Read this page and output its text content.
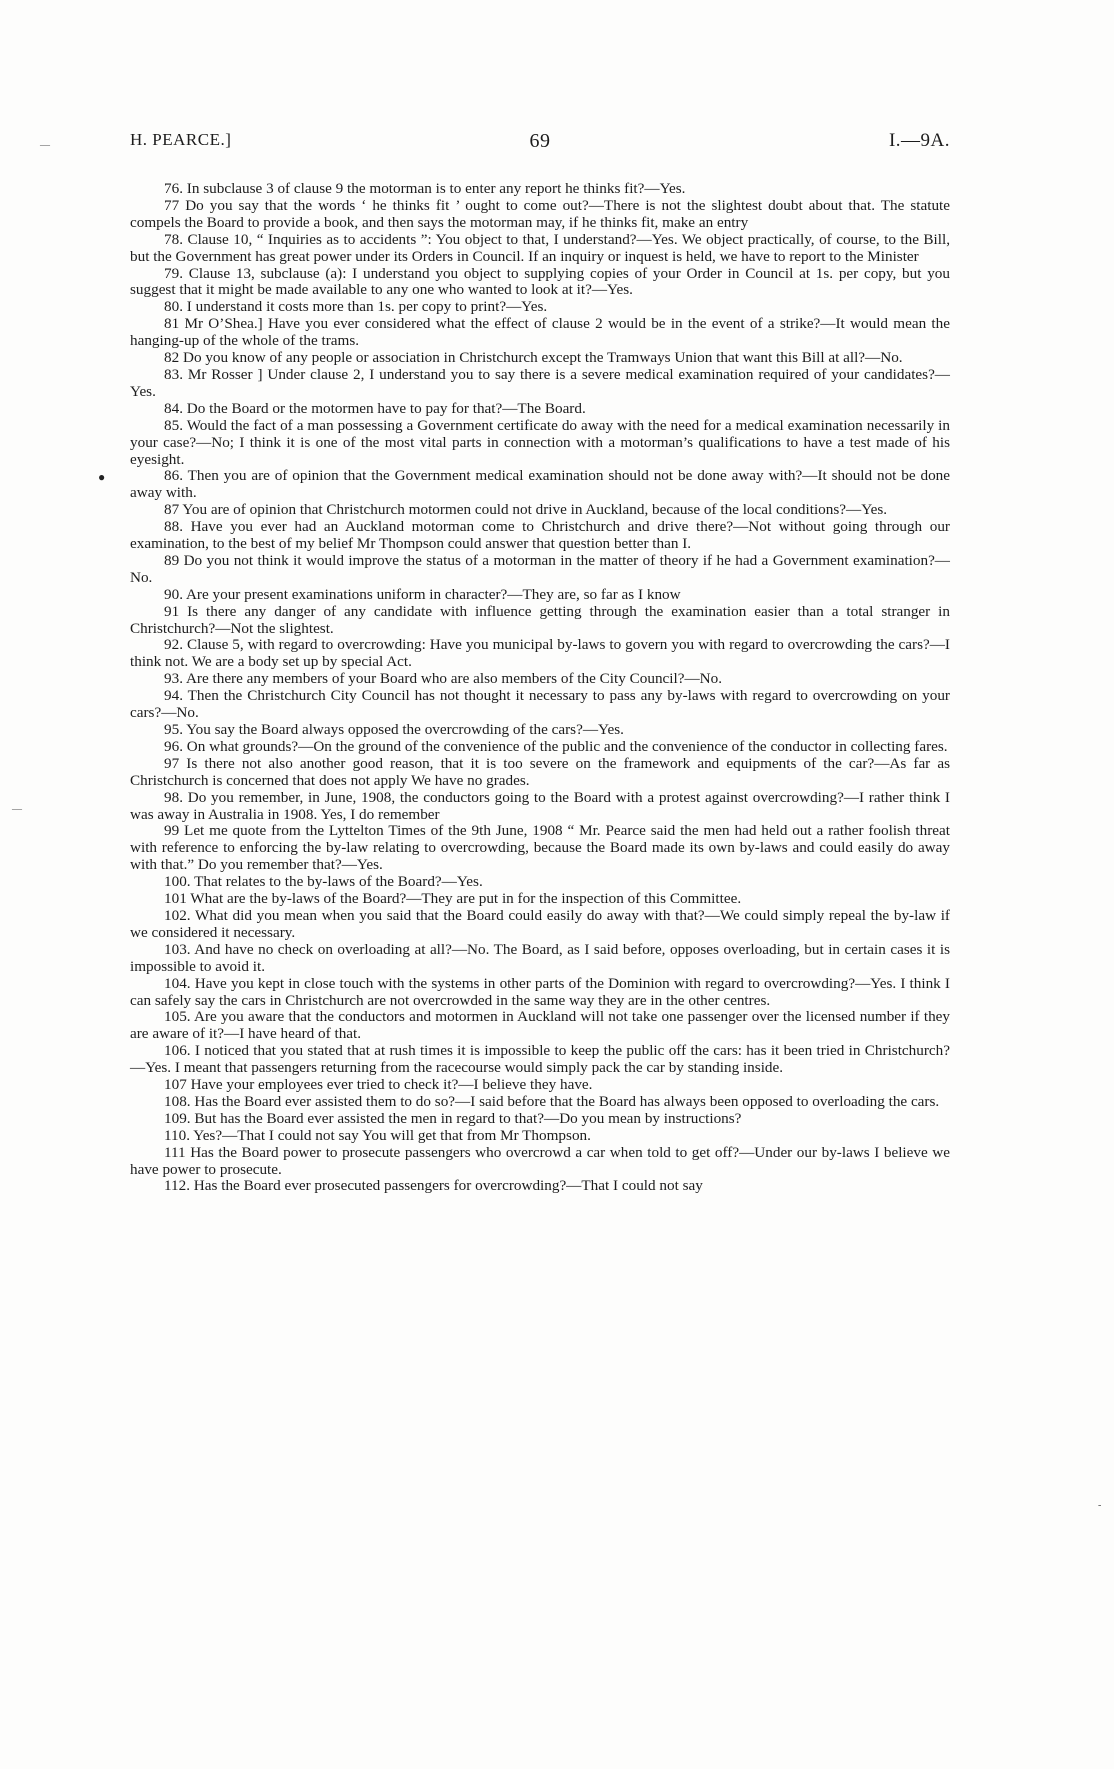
H. PEARCE.]	69	I.—9A.
—
●
—
-

76. In subclause 3 of clause 9 the motorman is to enter any report he thinks fit?—Yes.

77 Do you say that the words ‘ he thinks fit ’ ought to come out?—There is not the slightest doubt about that. The statute compels the Board to provide a book, and then says the motorman may, if he thinks fit, make an entry

78. Clause 10, “ Inquiries as to accidents ”: You object to that, I understand?—Yes. We object practically, of course, to the Bill, but the Government has great power under its Orders in Council. If an inquiry or inquest is held, we have to report to the Minister

79. Clause 13, subclause (a): I understand you object to supplying copies of your Order in Council at 1s. per copy, but you suggest that it might be made available to any one who wanted to look at it?—Yes.

80. I understand it costs more than 1s. per copy to print?—Yes.

81 Mr O’Shea.] Have you ever considered what the effect of clause 2 would be in the event of a strike?—It would mean the hanging-up of the whole of the trams.

82 Do you know of any people or association in Christchurch except the Tramways Union that want this Bill at all?—No.

83. Mr Rosser ] Under clause 2, I understand you to say there is a severe medical examination required of your candidates?—Yes.

84. Do the Board or the motormen have to pay for that?—The Board.

85. Would the fact of a man possessing a Government certificate do away with the need for a medical examination necessarily in your case?—No; I think it is one of the most vital parts in connection with a motorman’s qualifications to have a test made of his eyesight.

86. Then you are of opinion that the Government medical examination should not be done away with?—It should not be done away with.

87 You are of opinion that Christchurch motormen could not drive in Auckland, because of the local conditions?—Yes.

88. Have you ever had an Auckland motorman come to Christchurch and drive there?—Not without going through our examination, to the best of my belief Mr Thompson could answer that question better than I.

89 Do you not think it would improve the status of a motorman in the matter of theory if he had a Government examination?—No.

90. Are your present examinations uniform in character?—They are, so far as I know

91 Is there any danger of any candidate with influence getting through the examination easier than a total stranger in Christchurch?—Not the slightest.

92. Clause 5, with regard to overcrowding: Have you municipal by-laws to govern you with regard to overcrowding the cars?—I think not. We are a body set up by special Act.

93. Are there any members of your Board who are also members of the City Council?—No.

94. Then the Christchurch City Council has not thought it necessary to pass any by-laws with regard to overcrowding on your cars?—No.

95. You say the Board always opposed the overcrowding of the cars?—Yes.

96. On what grounds?—On the ground of the convenience of the public and the convenience of the conductor in collecting fares.

97 Is there not also another good reason, that it is too severe on the framework and equipments of the car?—As far as Christchurch is concerned that does not apply We have no grades.

98. Do you remember, in June, 1908, the conductors going to the Board with a protest against overcrowding?—I rather think I was away in Australia in 1908. Yes, I do remember

99 Let me quote from the Lyttelton Times of the 9th June, 1908 “ Mr. Pearce said the men had held out a rather foolish threat with reference to enforcing the by-law relating to overcrowding, because the Board made its own by-laws and could easily do away with that.” Do you remember that?—Yes.

100. That relates to the by-laws of the Board?—Yes.

101 What are the by-laws of the Board?—They are put in for the inspection of this Committee.

102. What did you mean when you said that the Board could easily do away with that?—We could simply repeal the by-law if we considered it necessary.

103. And have no check on overloading at all?—No. The Board, as I said before, opposes overloading, but in certain cases it is impossible to avoid it.

104. Have you kept in close touch with the systems in other parts of the Dominion with regard to overcrowding?—Yes. I think I can safely say the cars in Christchurch are not overcrowded in the same way they are in the other centres.

105. Are you aware that the conductors and motormen in Auckland will not take one passenger over the licensed number if they are aware of it?—I have heard of that.

106. I noticed that you stated that at rush times it is impossible to keep the public off the cars: has it been tried in Christchurch?—Yes. I meant that passengers returning from the racecourse would simply pack the car by standing inside.

107 Have your employees ever tried to check it?—I believe they have.

108. Has the Board ever assisted them to do so?—I said before that the Board has always been opposed to overloading the cars.

109. But has the Board ever assisted the men in regard to that?—Do you mean by instructions?

110. Yes?—That I could not say You will get that from Mr Thompson.

111 Has the Board power to prosecute passengers who overcrowd a car when told to get off?—Under our by-laws I believe we have power to prosecute.

112. Has the Board ever prosecuted passengers for overcrowding?—That I could not say
